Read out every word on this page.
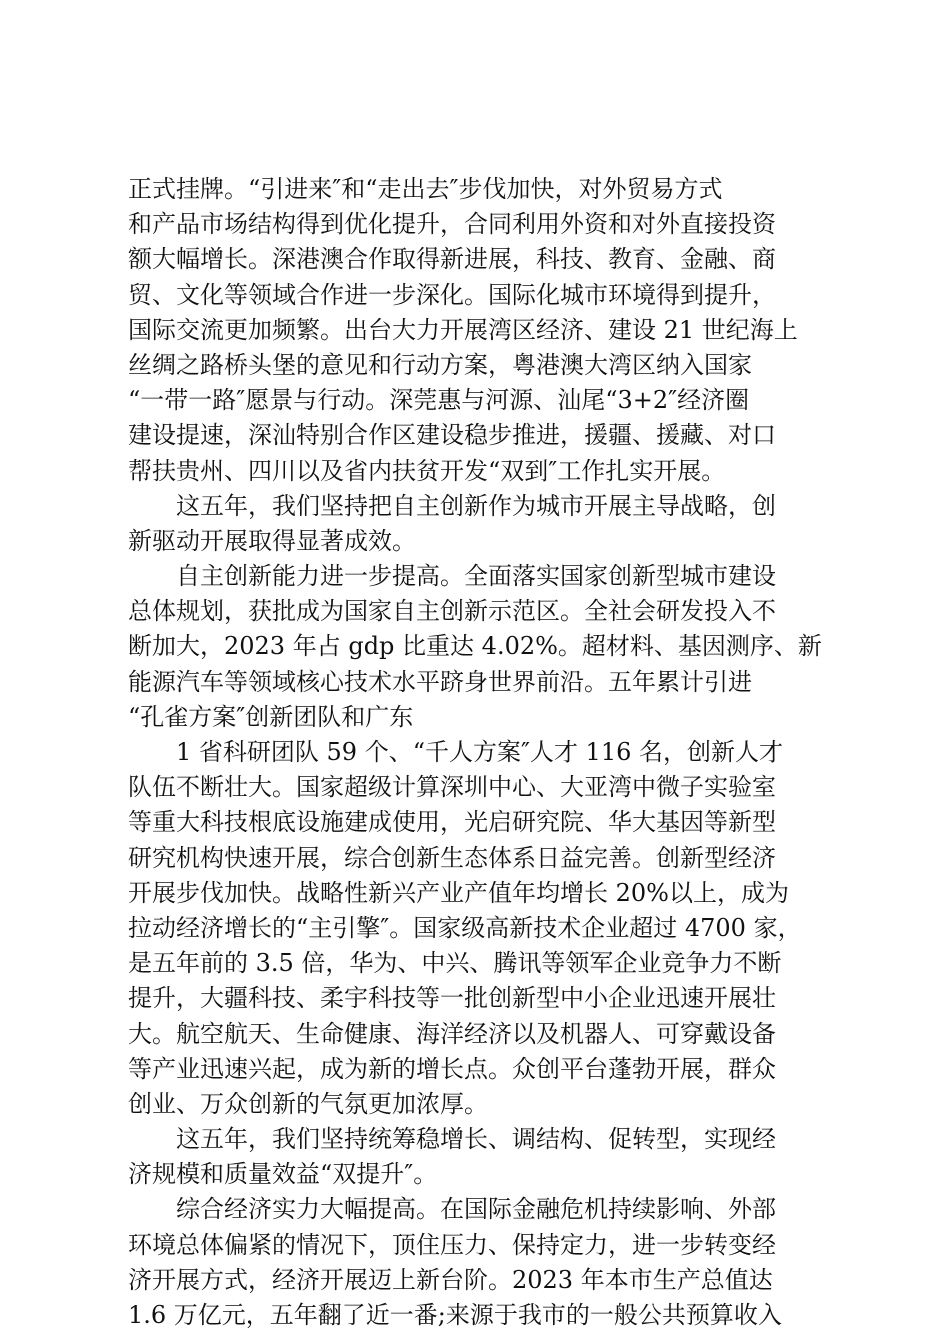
正式挂牌。“引进来″和“走出去″步伐加快，对外贸易方式
和产品市场结构得到优化提升，合同利用外资和对外直接投资
额大幅增长。深港澳合作取得新进展，科技、教育、金融、商
贸、文化等领域合作进一步深化。国际化城市环境得到提升，
国际交流更加频繁。出台大力开展湾区经济、建设 21 世纪海上
丝绸之路桥头堡的意见和行动方案，粤港澳大湾区纳入国家
“一带一路″愿景与行动。深莞惠与河源、汕尾“3+2″经济圈
建设提速，深汕特别合作区建设稳步推进，援疆、援藏、对口
帮扶贵州、四川以及省内扶贫开发“双到″工作扎实开展。
这五年，我们坚持把自主创新作为城市开展主导战略，创
新驱动开展取得显著成效。
自主创新能力进一步提高。全面落实国家创新型城市建设
总体规划，获批成为国家自主创新示范区。全社会研发投入不
断加大，2023 年占 gdp 比重达 4.02%。超材料、基因测序、新
能源汽车等领域核心技术水平跻身世界前沿。五年累计引进
“孔雀方案″创新团队和广东
1 省科研团队 59 个、“千人方案″人才 116 名，创新人才
队伍不断壮大。国家超级计算深圳中心、大亚湾中微子实验室
等重大科技根底设施建成使用，光启研究院、华大基因等新型
研究机构快速开展，综合创新生态体系日益完善。创新型经济
开展步伐加快。战略性新兴产业产值年均增长 20%以上，成为
拉动经济增长的“主引擎″。国家级高新技术企业超过 4700 家，
是五年前的 3.5 倍，华为、中兴、腾讯等领军企业竞争力不断
提升，大疆科技、柔宇科技等一批创新型中小企业迅速开展壮
大。航空航天、生命健康、海洋经济以及机器人、可穿戴设备
等产业迅速兴起，成为新的增长点。众创平台蓬勃开展，群众
创业、万众创新的气氛更加浓厚。
这五年，我们坚持统筹稳增长、调结构、促转型，实现经
济规模和质量效益“双提升″。
综合经济实力大幅提高。在国际金融危机持续影响、外部
环境总体偏紧的情况下，顶住压力、保持定力，进一步转变经
济开展方式，经济开展迈上新台阶。2023 年本市生产总值达
1.6 万亿元，五年翻了近一番;来源于我市的一般公共预算收入
